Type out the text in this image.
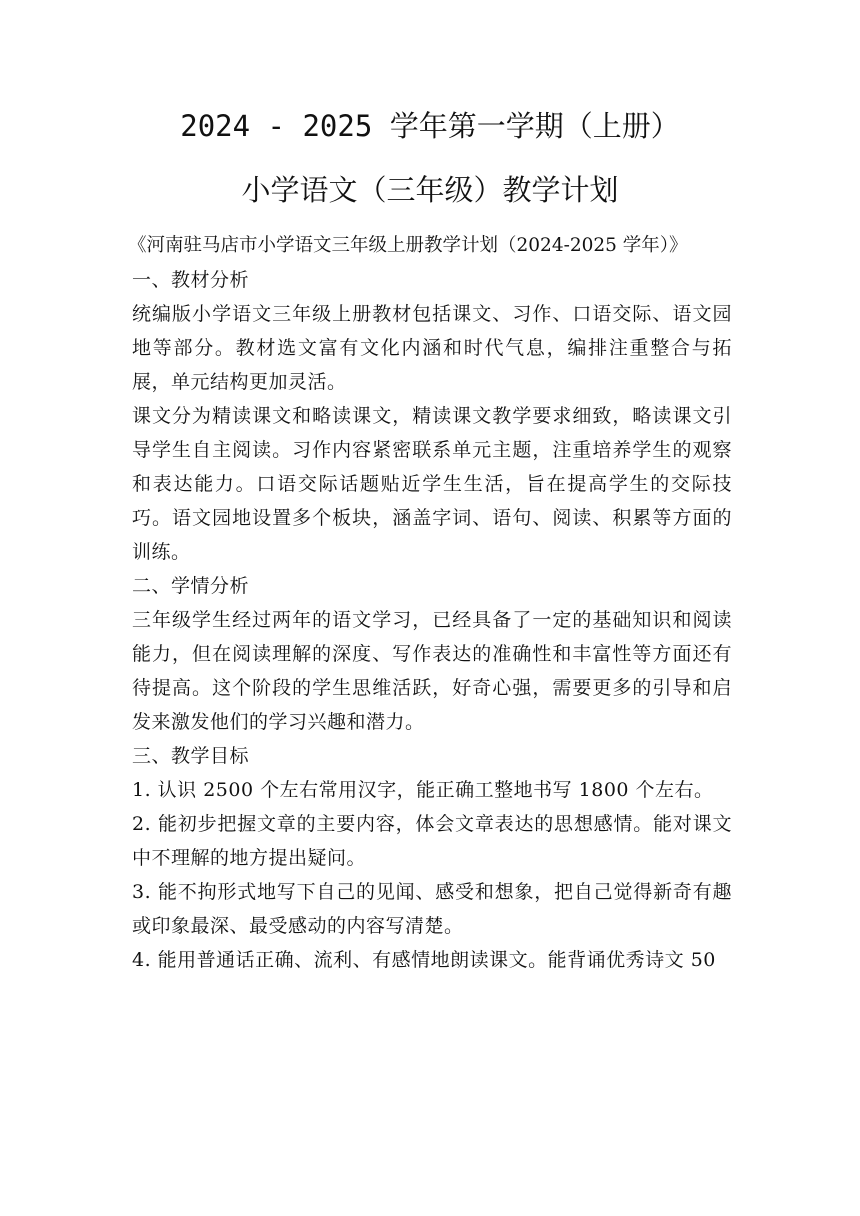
2024 - 2025 学年第一学期（上册）
小学语文（三年级）教学计划

《河南驻马店市小学语文三年级上册教学计划（2024-2025 学年）》

一、教材分析

统编版小学语文三年级上册教材包括课文、习作、口语交际、语文园地等部分。教材选文富有文化内涵和时代气息，编排注重整合与拓展，单元结构更加灵活。

课文分为精读课文和略读课文，精读课文教学要求细致，略读课文引导学生自主阅读。习作内容紧密联系单元主题，注重培养学生的观察和表达能力。口语交际话题贴近学生生活，旨在提高学生的交际技巧。语文园地设置多个板块，涵盖字词、语句、阅读、积累等方面的训练。

二、学情分析

三年级学生经过两年的语文学习，已经具备了一定的基础知识和阅读能力，但在阅读理解的深度、写作表达的准确性和丰富性等方面还有待提高。这个阶段的学生思维活跃，好奇心强，需要更多的引导和启发来激发他们的学习兴趣和潜力。

三、教学目标

1. 认识 2500 个左右常用汉字，能正确工整地书写 1800 个左右。

2. 能初步把握文章的主要内容，体会文章表达的思想感情。能对课文中不理解的地方提出疑问。

3. 能不拘形式地写下自己的见闻、感受和想象，把自己觉得新奇有趣或印象最深、最受感动的内容写清楚。

4. 能用普通话正确、流利、有感情地朗读课文。能背诵优秀诗文 50
